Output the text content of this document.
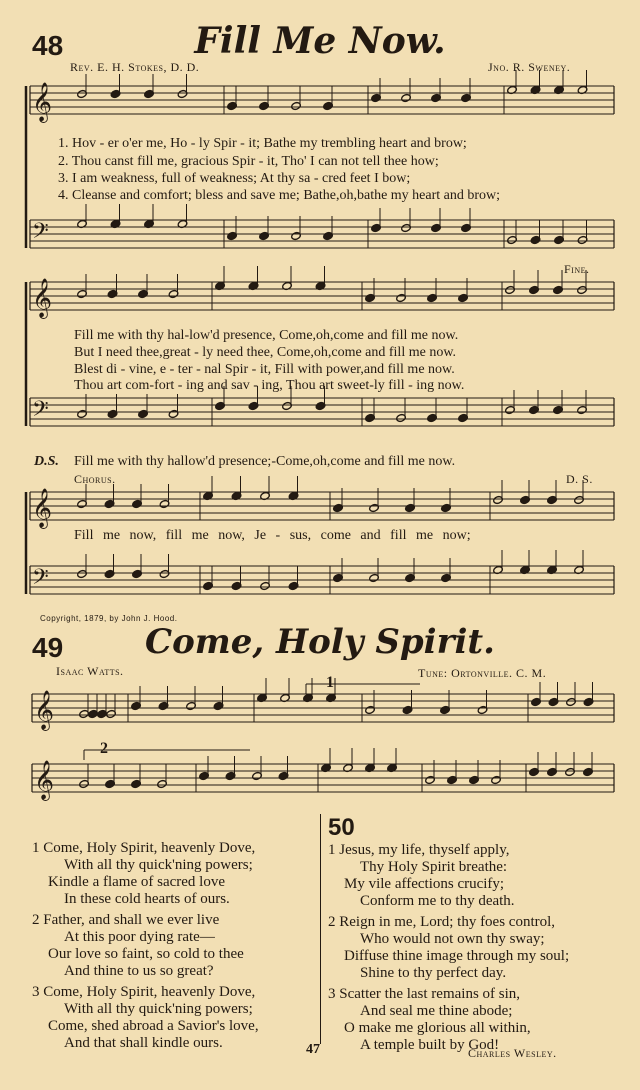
48	Fill Me Now.
Rev. E. H. Stokes, D. D.	Jno. R. Sweney.
𝄞
𝄢
𝄞
𝄢
𝄞
𝄢
𝄞
𝄞
1. Hov - er o'er me, Ho - ly Spir - it; Bathe my trembling heart and brow;
2. Thou canst fill me, gracious Spir - it, Tho' I can not tell thee how;
3. I am weakness, full of weakness; At thy sa - cred feet I bow;
4. Cleanse and comfort; bless and save me; Bathe,oh,bathe my heart and brow;
Fine.
Fill me with thy hal-low'd presence, Come,oh,come and fill me now.
But I need thee,great - ly need thee, Come,oh,come and fill me now.
Blest di - vine, e - ter - nal Spir - it, Fill with power,and fill me now.
Thou art com-fort - ing and sav - ing, Thou art sweet-ly fill - ing now.
D.S. Fill me with thy hallow'd presence;-Come,oh,come and fill me now.
Chorus.	D. S.
Fill me now, fill me now, Je - sus, come and fill me now;
Copyright, 1879, by John J. Hood.
49	Come, Holy Spirit.
Isaac Watts.	Tune: Ortonville. C. M.
1
2
1 Come, Holy Spirit, heavenly Dove,
With all thy quick'ning powers;
Kindle a flame of sacred love
In these cold hearts of ours.
2 Father, and shall we ever live
At this poor dying rate—
Our love so faint, so cold to thee
And thine to us so great?
3 Come, Holy Spirit, heavenly Dove,
With all thy quick'ning powers;
Come, shed abroad a Savior's love,
And that shall kindle ours.
50
1 Jesus, my life, thyself apply,
Thy Holy Spirit breathe:
My vile affections crucify;
Conform me to thy death.
2 Reign in me, Lord; thy foes control,
Who would not own thy sway;
Diffuse thine image through my soul;
Shine to thy perfect day.
3 Scatter the last remains of sin,
And seal me thine abode;
O make me glorious all within,
A temple built by God!
47	Charles Wesley.
